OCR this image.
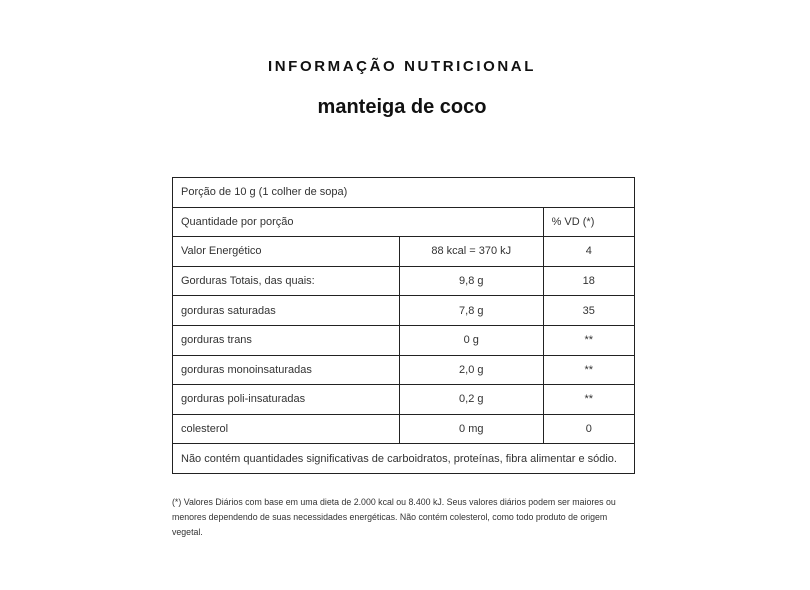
INFORMAÇÃO NUTRICIONAL
manteiga de coco
Porção de 10 g (1 colher de sopa)		
Quantidade por porção		% VD (*)
Valor Energético	88 kcal = 370 kJ	4
Gorduras Totais, das quais:	9,8 g	18
gorduras saturadas	7,8 g	35
gorduras trans	0 g	**
gorduras monoinsaturadas	2,0 g	**
gorduras poli-insaturadas	0,2 g	**
colesterol	0 mg	0
Não contém quantidades significativas de carboidratos, proteínas, fibra alimentar e sódio.		
(*) Valores Diários com base em uma dieta de 2.000 kcal ou 8.400 kJ. Seus valores diários podem ser maiores ou menores dependendo de suas necessidades energéticas. Não contém colesterol, como todo produto de origem vegetal.
